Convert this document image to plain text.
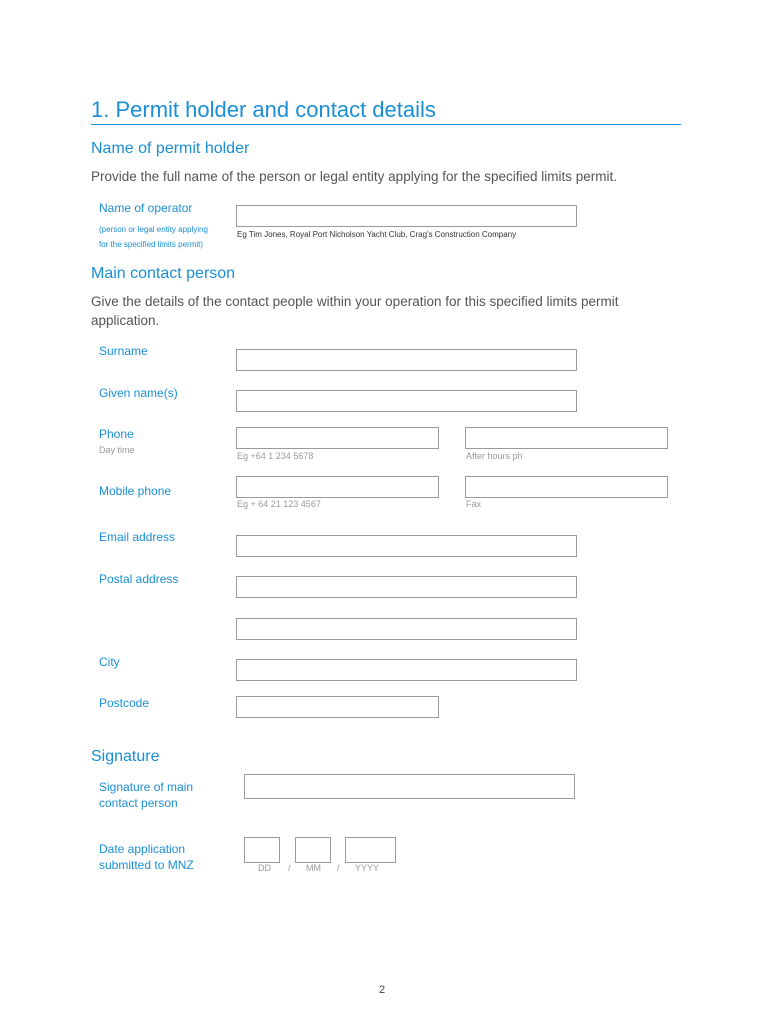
1. Permit holder and contact details
Name of permit holder
Provide the full name of the person or legal entity applying for the specified limits permit.
Name of operator
(person or legal entity applying
for the specified limits permit)
Eg Tim Jones, Royal Port Nicholson Yacht Club, Crag's Construction Company
Main contact person
Give the details of the contact people within your operation for this specified limits permit application.
Surname
Given name(s)
Phone
Day time
Eg +64 1 234 5678	After hours ph
Mobile phone
Eg + 64 21 123 4567	Fax
Email address
Postal address
City
Postcode
Signature
Signature of main
contact person
Date application
submitted to MNZ	DD / MM / YYYY
2
